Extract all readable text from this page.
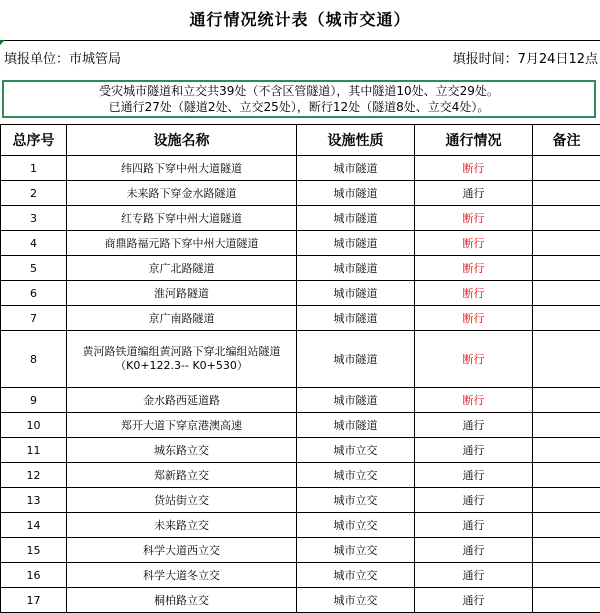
通行情况统计表（城市交通）
填报单位：市城管局	填报时间：7月24日12点
受灾城市隧道和立交共39处（不含区管隧道），其中隧道10处、立交29处。
已通行27处（隧道2处、立交25处），断行12处（隧道8处、立交4处）。
总序号	设施名称	设施性质	通行情况	备注
1	纬四路下穿中州大道隧道	城市隧道	断行	
2	未来路下穿金水路隧道	城市隧道	通行	
3	红专路下穿中州大道隧道	城市隧道	断行	
4	商鼎路福元路下穿中州大道隧道	城市隧道	断行	
5	京广北路隧道	城市隧道	断行	
6	淮河路隧道	城市隧道	断行	
7	京广南路隧道	城市隧道	断行	
8	黄河路铁道编组黄河路下穿北编组站隧道
（K0+122.3-- K0+530）	城市隧道	断行	
9	金水路西延道路	城市隧道	断行	
10	郑开大道下穿京港澳高速	城市隧道	通行	
11	城东路立交	城市立交	通行	
12	郑新路立交	城市立交	通行	
13	货站街立交	城市立交	通行	
14	未来路立交	城市立交	通行	
15	科学大道西立交	城市立交	通行	
16	科学大道冬立交	城市立交	通行	
17	桐柏路立交	城市立交	通行	
